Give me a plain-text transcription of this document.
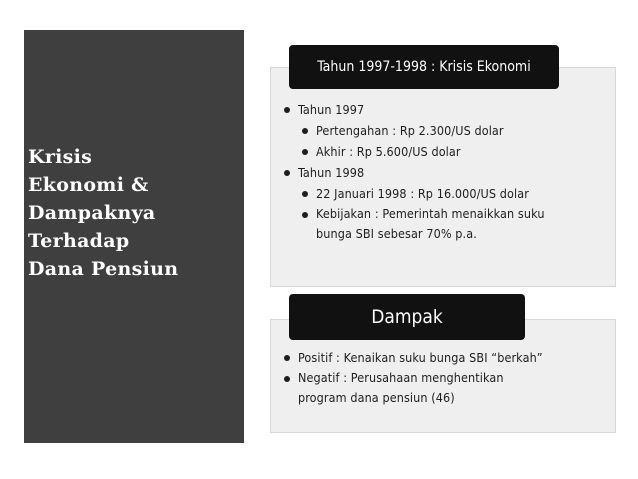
Krisis
Ekonomi &
Dampaknya
Terhadap
Dana Pensiun
Tahun 1997-1998 : Krisis Ekonomi
Tahun 1997
Pertengahan : Rp 2.300/US dolar
Akhir : Rp 5.600/US dolar
Tahun 1998
22 Januari 1998 : Rp 16.000/US dolar
Kebijakan : Pemerintah menaikkan suku
bunga SBI sebesar 70% p.a.
Dampak
Positif : Kenaikan suku bunga SBI “berkah”
Negatif : Perusahaan menghentikan
program dana pensiun (46)
